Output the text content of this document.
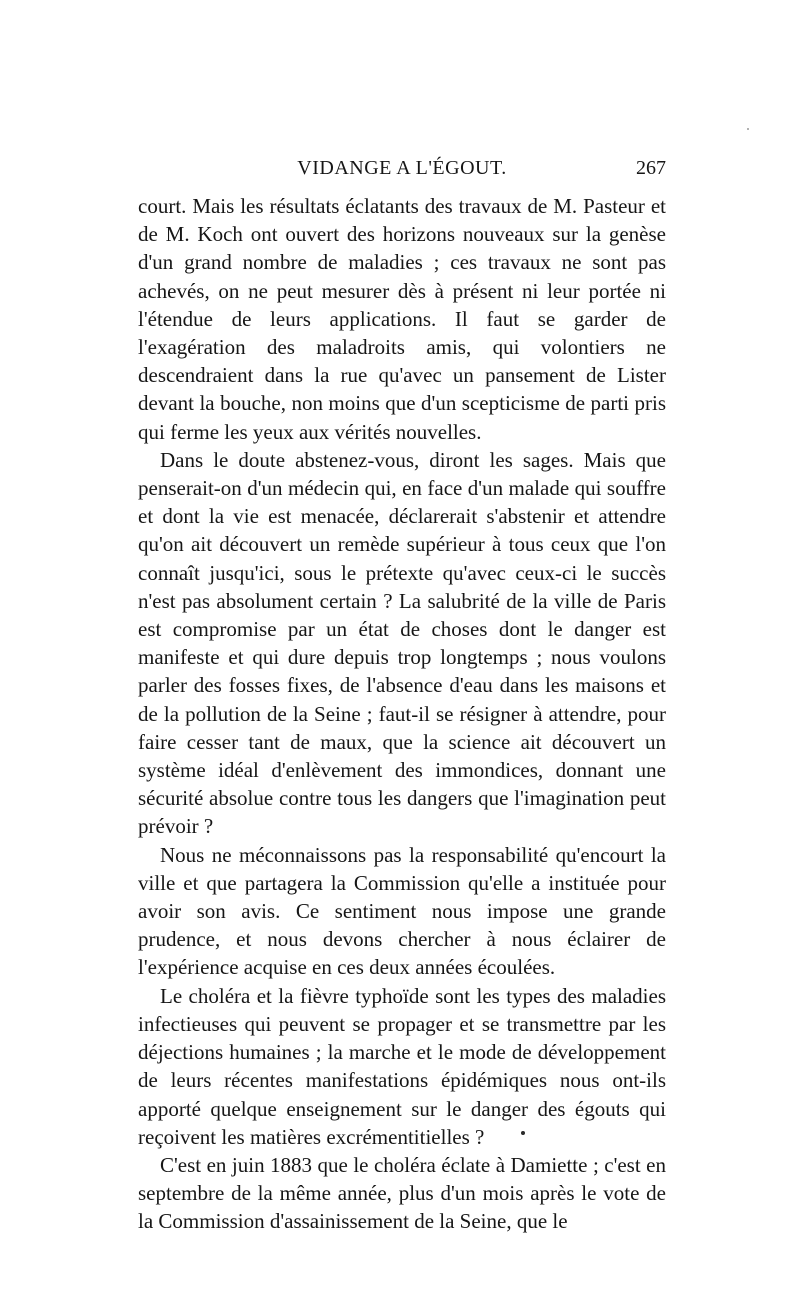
VIDANGE A L'ÉGOUT.	267

court. Mais les résultats éclatants des travaux de M. Pasteur et de M. Koch ont ouvert des horizons nouveaux sur la genèse d'un grand nombre de maladies ; ces travaux ne sont pas achevés, on ne peut mesurer dès à présent ni leur portée ni l'étendue de leurs applications. Il faut se garder de l'exagération des maladroits amis, qui volontiers ne descendraient dans la rue qu'avec un pansement de Lister devant la bouche, non moins que d'un scepticisme de parti pris qui ferme les yeux aux vérités nouvelles.

Dans le doute abstenez-vous, diront les sages. Mais que penserait-on d'un médecin qui, en face d'un malade qui souffre et dont la vie est menacée, déclarerait s'abstenir et attendre qu'on ait découvert un remède supérieur à tous ceux que l'on connaît jusqu'ici, sous le prétexte qu'avec ceux-ci le succès n'est pas absolument certain ? La salubrité de la ville de Paris est compromise par un état de choses dont le danger est manifeste et qui dure depuis trop longtemps ; nous voulons parler des fosses fixes, de l'absence d'eau dans les maisons et de la pollution de la Seine ; faut-il se résigner à attendre, pour faire cesser tant de maux, que la science ait découvert un système idéal d'enlèvement des immondices, donnant une sécurité absolue contre tous les dangers que l'imagination peut prévoir ?

Nous ne méconnaissons pas la responsabilité qu'encourt la ville et que partagera la Commission qu'elle a instituée pour avoir son avis. Ce sentiment nous impose une grande prudence, et nous devons chercher à nous éclairer de l'expérience acquise en ces deux années écoulées.

Le choléra et la fièvre typhoïde sont les types des maladies infectieuses qui peuvent se propager et se transmettre par les déjections humaines ; la marche et le mode de développement de leurs récentes manifestations épidémiques nous ont-ils apporté quelque enseignement sur le danger des égouts qui reçoivent les matières excrémentitielles ?

C'est en juin 1883 que le choléra éclate à Damiette ; c'est en septembre de la même année, plus d'un mois après le vote de la Commission d'assainissement de la Seine, que le
